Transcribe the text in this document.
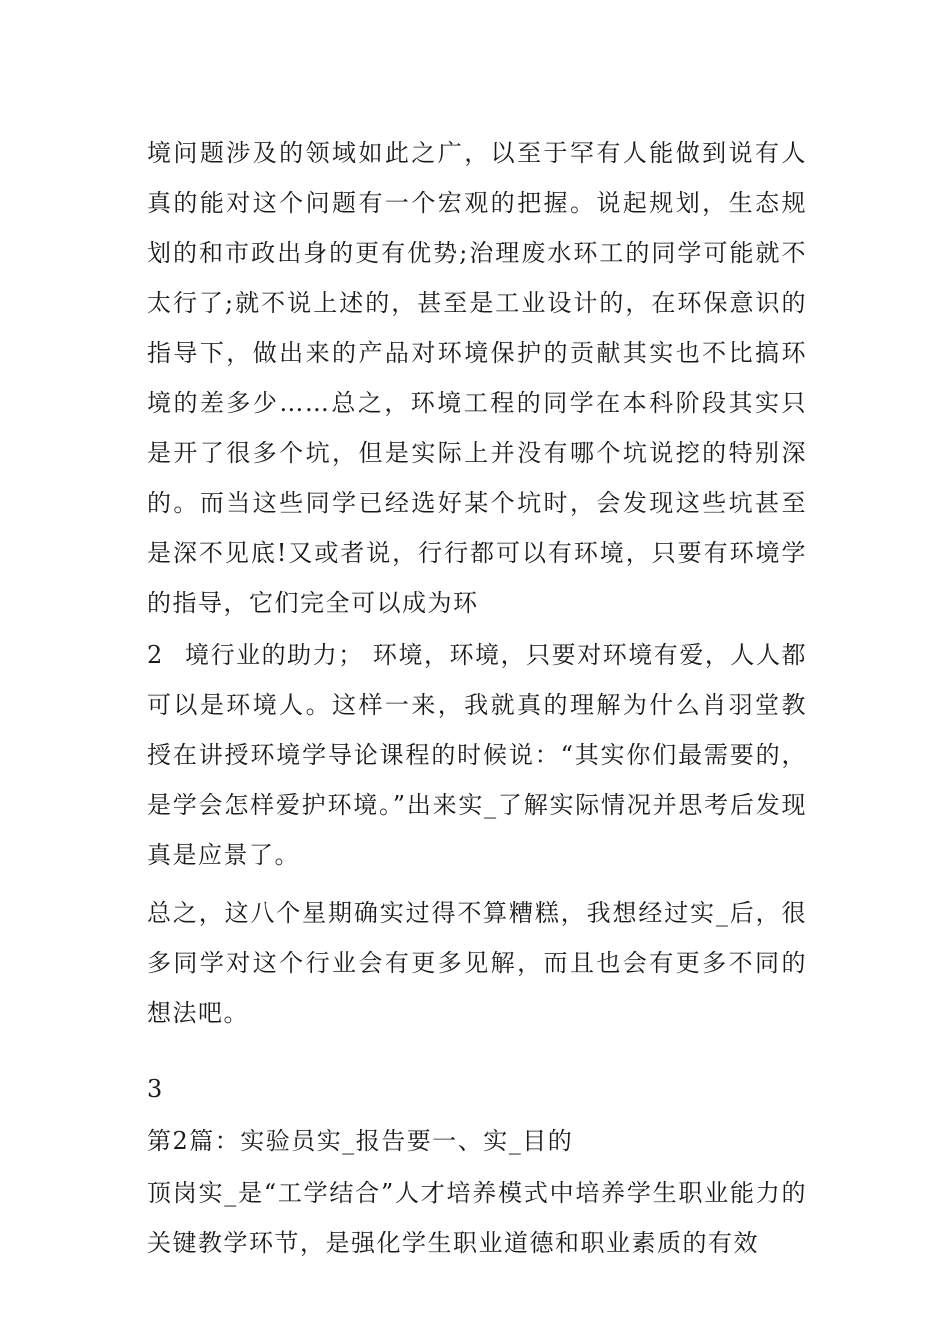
境问题涉及的领域如此之广，以至于罕有人能做到说有人真的能对这个问题有一个宏观的把握。说起规划，生态规划的和市政出身的更有优势;治理废水环工的同学可能就不太行了;就不说上述的，甚至是工业设计的，在环保意识的指导下，做出来的产品对环境保护的贡献其实也不比搞环境的差多少……总之，环境工程的同学在本科阶段其实只是开了很多个坑，但是实际上并没有哪个坑说挖的特别深的。而当这些同学已经选好某个坑时，会发现这些坑甚至是深不见底!又或者说，行行都可以有环境，只要有环境学的指导，它们完全可以成为环

2 境行业的助力； 环境，环境，只要对环境有爱，人人都可以是环境人。这样一来，我就真的理解为什么肖羽堂教授在讲授环境学导论课程的时候说：“其实你们最需要的，是学会怎样爱护环境。”出来实_了解实际情况并思考后发现真是应景了。

总之，这八个星期确实过得不算糟糕，我想经过实_后，很多同学对这个行业会有更多见解，而且也会有更多不同的想法吧。

3

第2篇：实验员实_报告要一、实_目的

顶岗实_是“工学结合”人才培养模式中培养学生职业能力的关键教学环节，是强化学生职业道德和职业素质的有效
